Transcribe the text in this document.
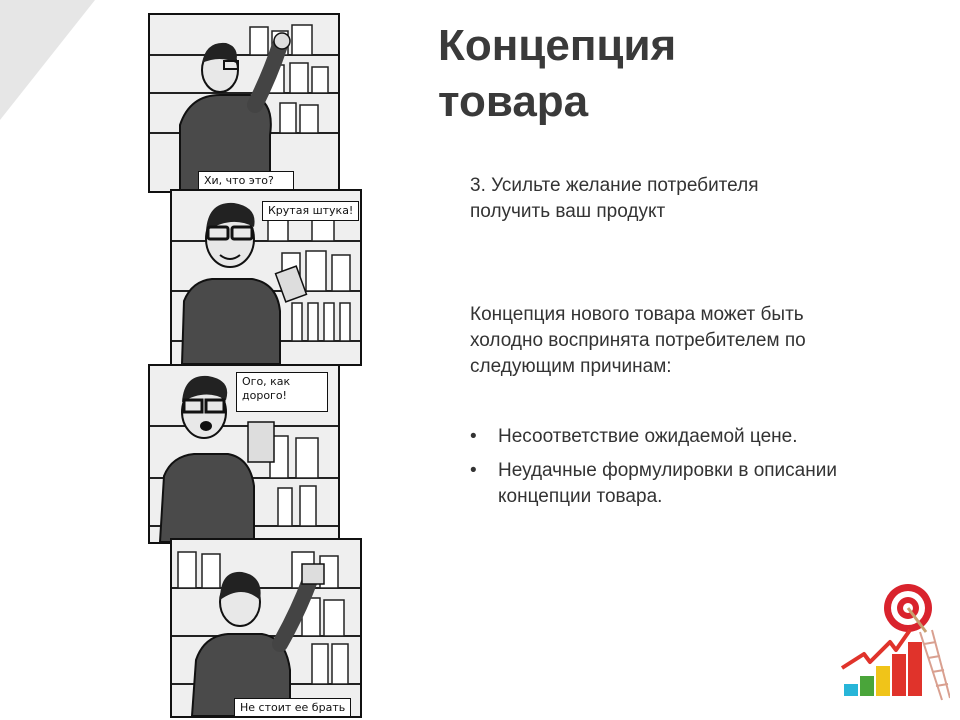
Хи, что это?
Крутая штука!
Ого, как дорого!
Не стоит ее брать
Концепция
товара
3. Усильте желание потребителя
получить ваш продукт
Концепция нового товара может быть
холодно воспринята потребителем по
следующим причинам:
• Несоответствие ожидаемой цене.
• Неудачные формулировки в описании
концепции товара.
